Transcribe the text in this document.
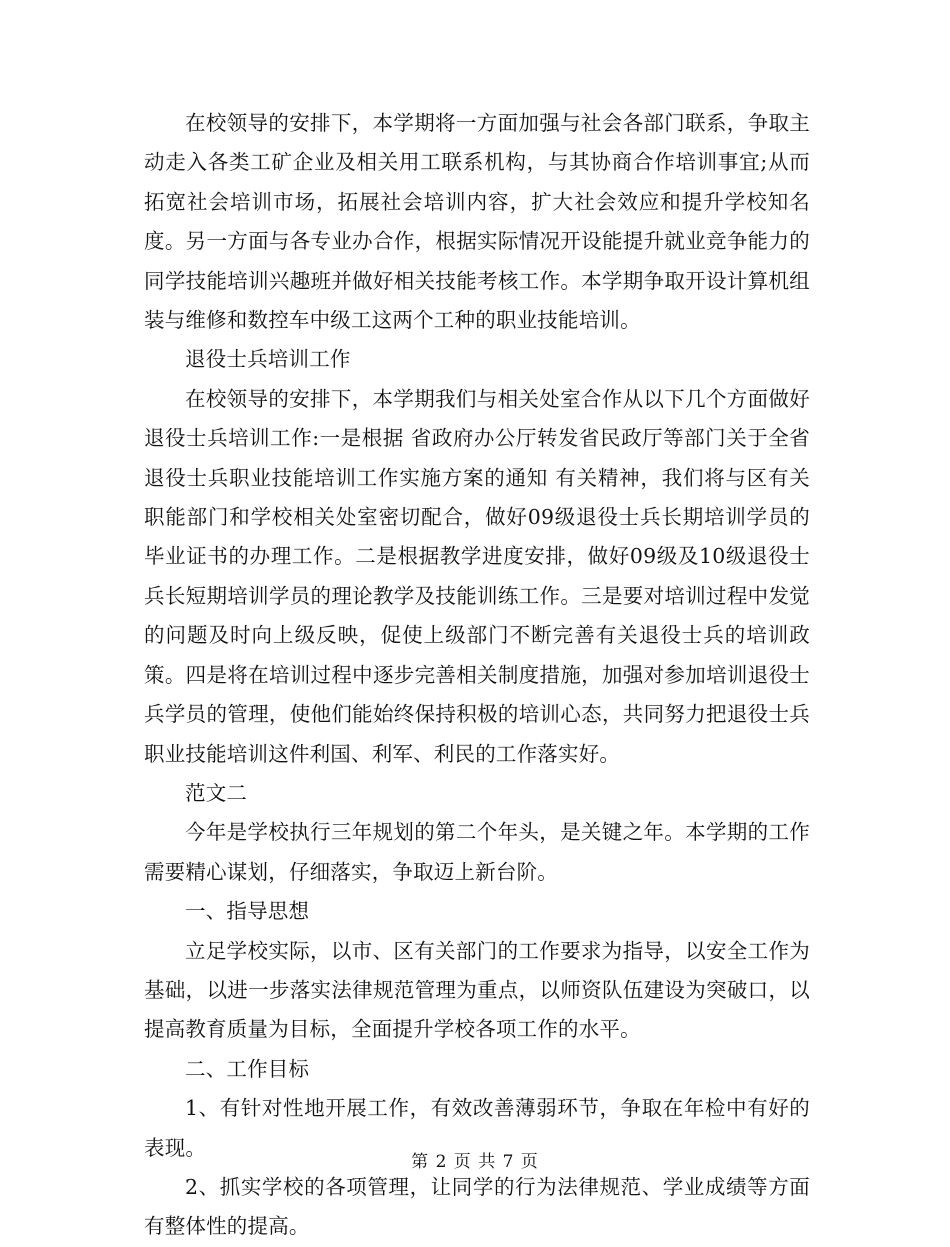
在校领导的安排下，本学期将一方面加强与社会各部门联系，争取主动走入各类工矿企业及相关用工联系机构，与其协商合作培训事宜;从而拓宽社会培训市场，拓展社会培训内容，扩大社会效应和提升学校知名度。另一方面与各专业办合作，根据实际情况开设能提升就业竞争能力的同学技能培训兴趣班并做好相关技能考核工作。本学期争取开设计算机组装与维修和数控车中级工这两个工种的职业技能培训。

退役士兵培训工作

在校领导的安排下，本学期我们与相关处室合作从以下几个方面做好退役士兵培训工作:一是根据 省政府办公厅转发省民政厅等部门关于全省退役士兵职业技能培训工作实施方案的通知 有关精神，我们将与区有关职能部门和学校相关处室密切配合，做好09级退役士兵长期培训学员的毕业证书的办理工作。二是根据教学进度安排，做好09级及10级退役士兵长短期培训学员的理论教学及技能训练工作。三是要对培训过程中发觉的问题及时向上级反映，促使上级部门不断完善有关退役士兵的培训政策。四是将在培训过程中逐步完善相关制度措施，加强对参加培训退役士兵学员的管理，使他们能始终保持积极的培训心态，共同努力把退役士兵职业技能培训这件利国、利军、利民的工作落实好。

范文二

今年是学校执行三年规划的第二个年头，是关键之年。本学期的工作需要精心谋划，仔细落实，争取迈上新台阶。

一、指导思想

立足学校实际，以市、区有关部门的工作要求为指导，以安全工作为基础，以进一步落实法律规范管理为重点，以师资队伍建设为突破口，以提高教育质量为目标，全面提升学校各项工作的水平。

二、工作目标

1、有针对性地开展工作，有效改善薄弱环节，争取在年检中有好的表现。

2、抓实学校的各项管理，让同学的行为法律规范、学业成绩等方面有整体性的提高。

第 2 页 共 7 页
